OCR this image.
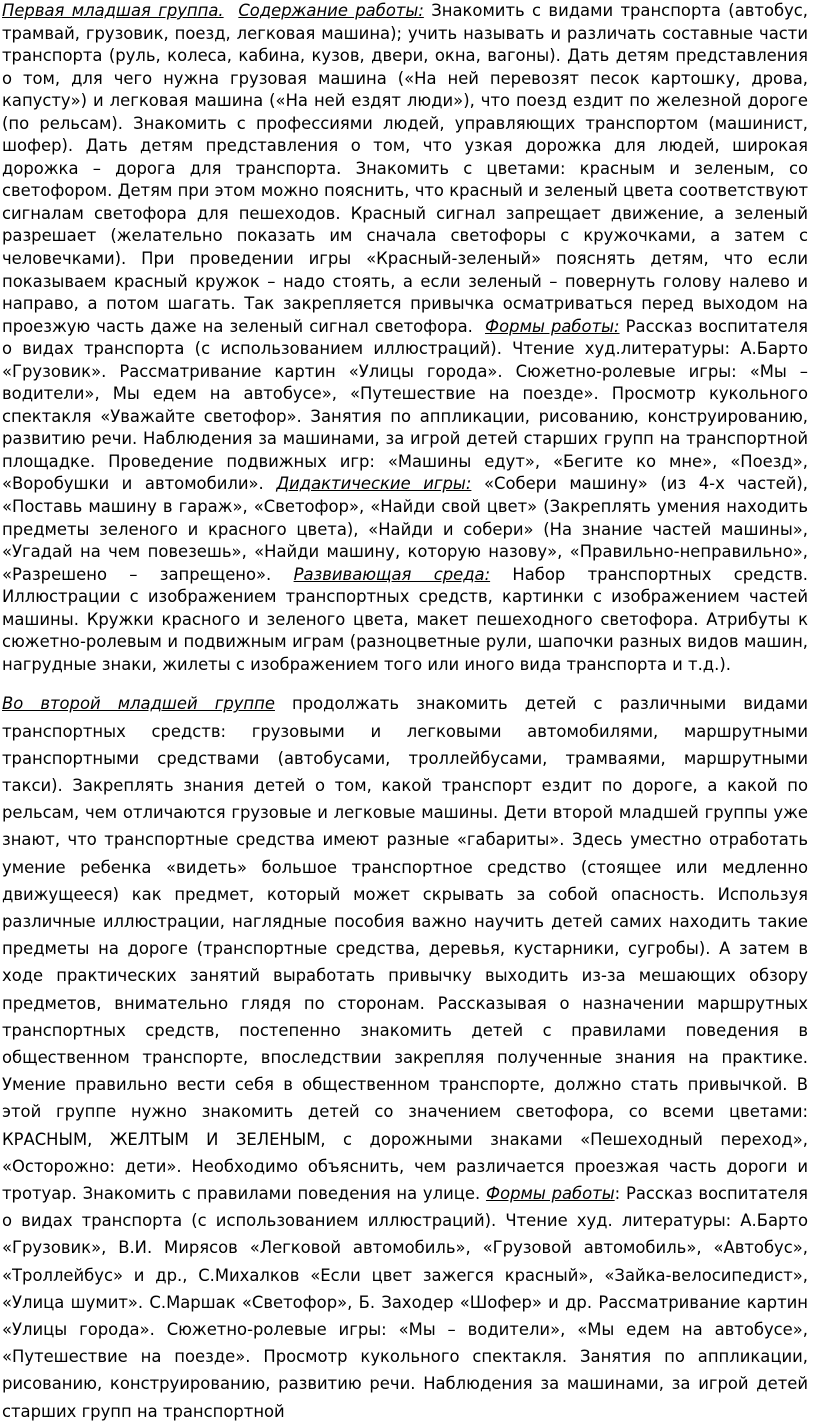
Первая младшая группа. Содержание работы: Знакомить с видами транспорта (автобус, трамвай, грузовик, поезд, легковая машина); учить называть и различать составные части транспорта (руль, колеса, кабина, кузов, двери, окна, вагоны). Дать детям представления о том, для чего нужна грузовая машина («На ней перевозят песок картошку, дрова, капусту») и легковая машина («На ней ездят люди»), что поезд ездит по железной дороге (по рельсам). Знакомить с профессиями людей, управляющих транспортом (машинист, шофер). Дать детям представления о том, что узкая дорожка для людей, широкая дорожка – дорога для транспорта. Знакомить с цветами: красным и зеленым, со светофором. Детям при этом можно пояснить, что красный и зеленый цвета соответствуют сигналам светофора для пешеходов. Красный сигнал запрещает движение, а зеленый разрешает (желательно показать им сначала светофоры с кружочками, а затем с человечками). При проведении игры «Красный-зеленый» пояснять детям, что если показываем красный кружок – надо стоять, а если зеленый – повернуть голову налево и направо, а потом шагать. Так закрепляется привычка осматриваться перед выходом на проезжую часть даже на зеленый сигнал светофора. Формы работы: Рассказ воспитателя о видах транспорта (с использованием иллюстраций). Чтение худ.литературы: А.Барто «Грузовик». Рассматривание картин «Улицы города». Сюжетно-ролевые игры: «Мы – водители», Мы едем на автобусе», «Путешествие на поезде». Просмотр кукольного спектакля «Уважайте светофор». Занятия по аппликации, рисованию, конструированию, развитию речи. Наблюдения за машинами, за игрой детей старших групп на транспортной площадке. Проведение подвижных игр: «Машины едут», «Бегите ко мне», «Поезд», «Воробушки и автомобили». Дидактические игры: «Собери машину» (из 4-х частей), «Поставь машину в гараж», «Светофор», «Найди свой цвет» (Закреплять умения находить предметы зеленого и красного цвета), «Найди и собери» (На знание частей машины», «Угадай на чем повезешь», «Найди машину, которую назову», «Правильно-неправильно», «Разрешено – запрещено». Развивающая среда: Набор транспортных средств. Иллюстрации с изображением транспортных средств, картинки с изображением частей машины. Кружки красного и зеленого цвета, макет пешеходного светофора. Атрибуты к сюжетно-ролевым и подвижным играм (разноцветные рули, шапочки разных видов машин, нагрудные знаки, жилеты с изображением того или иного вида транспорта и т.д.).

Во второй младшей группе продолжать знакомить детей с различными видами транспортных средств: грузовыми и легковыми автомобилями, маршрутными транспортными средствами (автобусами, троллейбусами, трамваями, маршрутными такси). Закреплять знания детей о том, какой транспорт ездит по дороге, а какой по рельсам, чем отличаются грузовые и легковые машины. Дети второй младшей группы уже знают, что транспортные средства имеют разные «габариты». Здесь уместно отработать умение ребенка «видеть» большое транспортное средство (стоящее или медленно движущееся) как предмет, который может скрывать за собой опасность. Используя различные иллюстрации, наглядные пособия важно научить детей самих находить такие предметы на дороге (транспортные средства, деревья, кустарники, сугробы). А затем в ходе практических занятий выработать привычку выходить из-за мешающих обзору предметов, внимательно глядя по сторонам. Рассказывая о назначении маршрутных транспортных средств, постепенно знакомить детей с правилами поведения в общественном транспорте, впоследствии закрепляя полученные знания на практике. Умение правильно вести себя в общественном транспорте, должно стать привычкой. В этой группе нужно знакомить детей со значением светофора, со всеми цветами: КРАСНЫМ, ЖЕЛТЫМ И ЗЕЛЕНЫМ, с дорожными знаками «Пешеходный переход», «Осторожно: дети». Необходимо объяснить, чем различается проезжая часть дороги и тротуар. Знакомить с правилами поведения на улице. Формы работы: Рассказ воспитателя о видах транспорта (с использованием иллюстраций). Чтение худ. литературы: А.Барто «Грузовик», В.И. Мирясов «Легковой автомобиль», «Грузовой автомобиль», «Автобус», «Троллейбус» и др., С.Михалков «Если цвет зажегся красный», «Зайка-велосипедист», «Улица шумит». С.Маршак «Светофор», Б. Заходер «Шофер» и др. Рассматривание картин «Улицы города». Сюжетно-ролевые игры: «Мы – водители», «Мы едем на автобусе», «Путешествие на поезде». Просмотр кукольного спектакля. Занятия по аппликации, рисованию, конструированию, развитию речи. Наблюдения за машинами, за игрой детей старших групп на транспортной
